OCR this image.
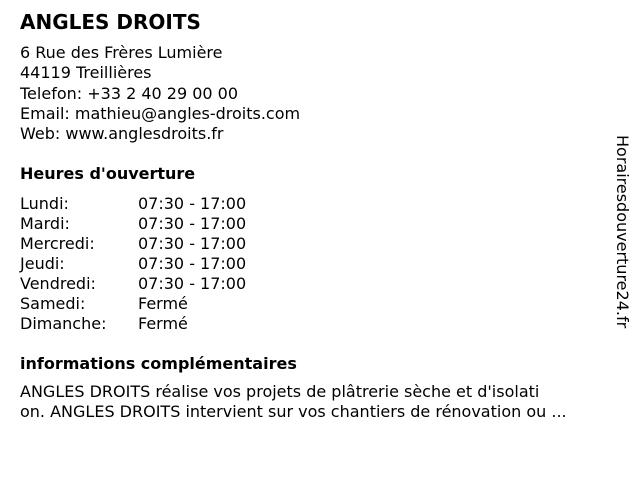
ANGLES DROITS
6 Rue des Frères Lumière
44119 Treillières
Telefon: +33 2 40 29 00 00
Email: mathieu@angles-droits.com
Web: www.anglesdroits.fr
Heures d'ouverture
Lundi:	07:30 - 17:00
Mardi:	07:30 - 17:00
Mercredi:	07:30 - 17:00
Jeudi:	07:30 - 17:00
Vendredi:	07:30 - 17:00
Samedi:	Fermé
Dimanche: Fermé
informations complémentaires
ANGLES DROITS réalise vos projets de plâtrerie sèche et d'isolati
on. ANGLES DROITS intervient sur vos chantiers de rénovation ou ...
Horairesdouverture24.fr
